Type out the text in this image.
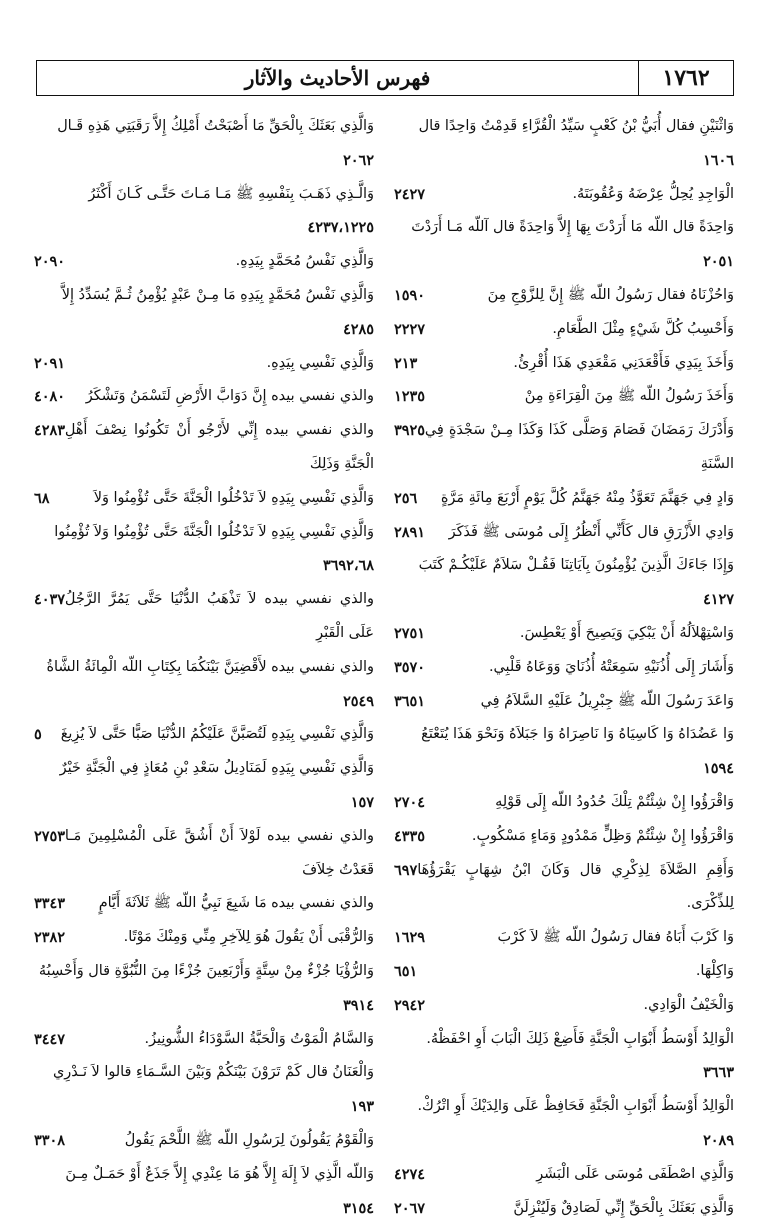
١٧٦٢
فهرس الأحاديث والآثار

وَاثْنَيْنِ فقال أُبَيُّ بْنُ كَعْبٍ سَيِّدُ الْقُرَّاءِ قَدِمْتُ وَاحِدًا قال
١٦٠٦

٢٤٢٧	الْوَاجِدِ يُحِلُّ عِرْضَهُ وَعُقُوبَتَهُ.

وَاحِدَةً قال اللّه مَا أَرَدْتَ بِهَا إِلاَّ وَاحِدَةً قال آللّه مَـا أَرَدْتَ
٢٠٥١

١٥٩٠	وَاحُزْنَاهُ فقال رَسُولُ اللّه ﷺ إِنَّ لِلزَّوْجِ مِنَ

٢٢٢٧	وَأَحْسِبُ كُلَّ شَيْءٍ مِثْلَ الطَّعَامِ.

٢١٣	وَأَخَذَ بِيَدِي فَأَقْعَدَنِي مَقْعَدِي هَذَا أُقْرِئُ.

١٢٣٥	وَأَخَذَ رَسُولُ اللّه ﷺ مِنَ الْقِرَاءَةِ مِنْ

٣٩٢٥ وَأَدْرَكَ رَمَضَانَ فَصَامَ وَصَلَّى كَذَا وَكَذَا مِـنْ سَجْدَةٍ فِي السَّنَةِ

٢٥٦ وَادٍ فِي جَهَنَّمَ تَعَوَّذُ مِنْهُ جَهَنَّمُ كُلَّ يَوْمٍ أَرْبَعَ مِائَةِ مَرَّةٍ

٢٨٩١ وَادِي الأَزْرَقِ قال كَأَنِّي أَنْظُرُ إِلَى مُوسَى ﷺ فَذَكَرَ

وَإِذَا جَاءَكَ الَّذِينَ يُؤْمِنُونَ بِآيَاتِنَا فَقُـلْ سَلاَمٌ عَلَيْكُـمْ كَتَبَ
٤١٢٧

٢٧٥١	وَاسْتِهْلاَلُهُ أَنْ يَبْكِيَ وَيَصِيحَ أَوْ يَعْطِسَ.

٣٥٧٠	وَأَشَارَ إِلَى أُذُنَيْهِ سَمِعَتْهُ أُذُنَايَ وَوَعَاهُ قَلْبِي.

٣٦٥١	وَاعَدَ رَسُولَ اللّه ﷺ جِبْرِيلُ عَلَيْهِ السَّلاَمُ فِي

وَا عَضُدَاهُ وَا كَاسِيَاهُ وَا نَاصِرَاهُ وَا جَبَلاَهُ وَنَحْوَ هَذَا يُتَعْتَعُ
١٥٩٤

٢٧٠٤	وَاقْرَؤُوا إِنْ شِئْتُمْ تِلْكَ حُدُودُ اللّه إِلَى قَوْلِهِ

٤٣٣٥	وَاقْرَؤُوا إِنْ شِئْتُمْ وَظِلٍّ مَمْدُودٍ وَمَاءٍ مَسْكُوبٍ.

٦٩٧ وَأَقِمِ الصَّلاَةَ لِذِكْرِي قال وَكَانَ ابْنُ شِهَابٍ يَقْرَؤُهَا لِلذِّكْرَى.

١٦٢٩	وَا كَرْبَ أَبَاهُ فقال رَسُولُ اللّه ﷺ لاَ كَرْبَ

٦٥١	وَاكِلْهَا.

٢٩٤٢	وَالْخَيْفُ الْوَادِي.

الْوَالِدُ أَوْسَطُ أَبْوَابِ الْجَنَّةِ فَأَضِعْ ذَلِكَ الْبَابَ أَوِ احْفَظْهُ.
٣٦٦٣

الْوَالِدُ أَوْسَطُ أَبْوَابِ الْجَنَّةِ فَحَافِظْ عَلَى وَالِدَيْكَ أَوِ اتْرُكْ.
٢٠٨٩

٤٢٧٤	وَالَّذِي اصْطَفَى مُوسَى عَلَى الْبَشَرِ

٢٠٦٧	وَالَّذِي بَعَثَكَ بِالْحَقِّ إِنِّي لَصَادِقٌ وَلَيُنْزِلَنَّ

وَالَّذِي بَعَثَكَ بِالْحَقِّ مَا أَصْبَحْتُ أَمْلِكُ إِلاَّ رَقَبَتِي هَذِهِ قَـال
٢٠٦٢

وَالَّـذِي ذَهَـبَ بِنَفْسِهِ ﷺ مَـا مَـاتَ حَتَّـى كَـانَ أَكْثَرُ
٤٢٣٧،١٢٢٥

٢٠٩٠	وَالَّذِي نَفْسُ مُحَمَّدٍ بِيَدِهِ.

وَالَّذِي نَفْسُ مُحَمَّدٍ بِيَدِهِ مَا مِـنْ عَبْدٍ يُؤْمِنُ ثُـمَّ يُسَدِّدُ إِلاَّ
٤٢٨٥

٢٠٩١	وَالَّذِي نَفْسِي بِيَدِهِ.

٤٠٨٠ والذي نفسي بيده إِنَّ دَوَابَّ الأَرْضِ لَتَسْمَنُ وَتَشْكَرُ

٤٢٨٣ والذي نفسي بيده إِنِّي لأَرْجُو أَنْ تَكُونُوا نِصْفَ أَهْلِ الْجَنَّةِ وَذَلِكَ

٦٨	وَالَّذِي نَفْسِي بِيَدِهِ لاَ تَدْخُلُوا الْجَنَّةَ حَتَّى تُؤْمِنُوا وَلاَ

وَالَّذِي نَفْسِي بِيَدِهِ لاَ تَدْخُلُوا الْجَنَّةَ حَتَّى تُؤْمِنُوا وَلاَ تُؤْمِنُوا
٣٦٩٢،٦٨

٤٠٣٧ والذي نفسي بيده لاَ تَذْهَبُ الدُّنْيَا حَتَّى يَمُرَّ الرَّجُلُ عَلَى الْقَبْرِ

والذي نفسي بيده لأَقْضِيَنَّ بَيْنَكُمَا بِكِتَابِ اللّه الْمِائَةُ الشَّاةُ
٢٥٤٩

٥ وَالَّذِي نَفْسِي بِيَدِهِ لَتُصَبَّنَّ عَلَيْكُمُ الدُّنْيَا صَبًّا حَتَّى لاَ يُزِيغَ

وَالَّذِي نَفْسِي بِيَدِهِ لَمَنَادِيلُ سَعْدِ بْنِ مُعَاذٍ فِي الْجَنَّةِ خَيْرٌ
١٥٧

٢٧٥٣ والذي نفسي بيده لَوْلاَ أَنْ أَشُقَّ عَلَى الْمُسْلِمِينَ مَـا قَعَدْتُ خِلاَفَ

٣٣٤٣ والذي نفسي بيده مَا شَبِعَ نَبِيُّ اللّه ﷺ ثَلاَثَةَ أَيَّامٍ

٢٣٨٢	وَالرُّقْبَى أَنْ يَقُولَ هُوَ لِلآخِرِ مِنِّي وَمِنْكَ مَوْتًا.

وَالرُّؤْيَا جُزْءٌ مِنْ سِتَّةٍ وَأَرْبَعِينَ جُزْءًا مِنَ النُّبُوَّةِ قال وَأَحْسِبُهُ
٣٩١٤

٣٤٤٧	وَالسَّامُ الْمَوْتُ وَالْحَبَّةُ السَّوْدَاءُ الشُّونِيزُ.

وَالْعَنَانُ قال كَمْ تَرَوْنَ بَيْنَكُمْ وَبَيْنَ السَّـمَاءِ قالوا لاَ نَـدْرِي
١٩٣

٣٣٠٨	وَالْقَوْمُ يَقُولُونَ لِرَسُولِ اللّه ﷺ اللَّحْمَ يَقُولُ

وَاللّه الَّذِي لاَ إِلَهَ إِلاَّ هُوَ مَا عِنْدِي إِلاَّ جَذَعٌ أَوْ حَمَـلٌ مِـنَ
٣١٥٤
